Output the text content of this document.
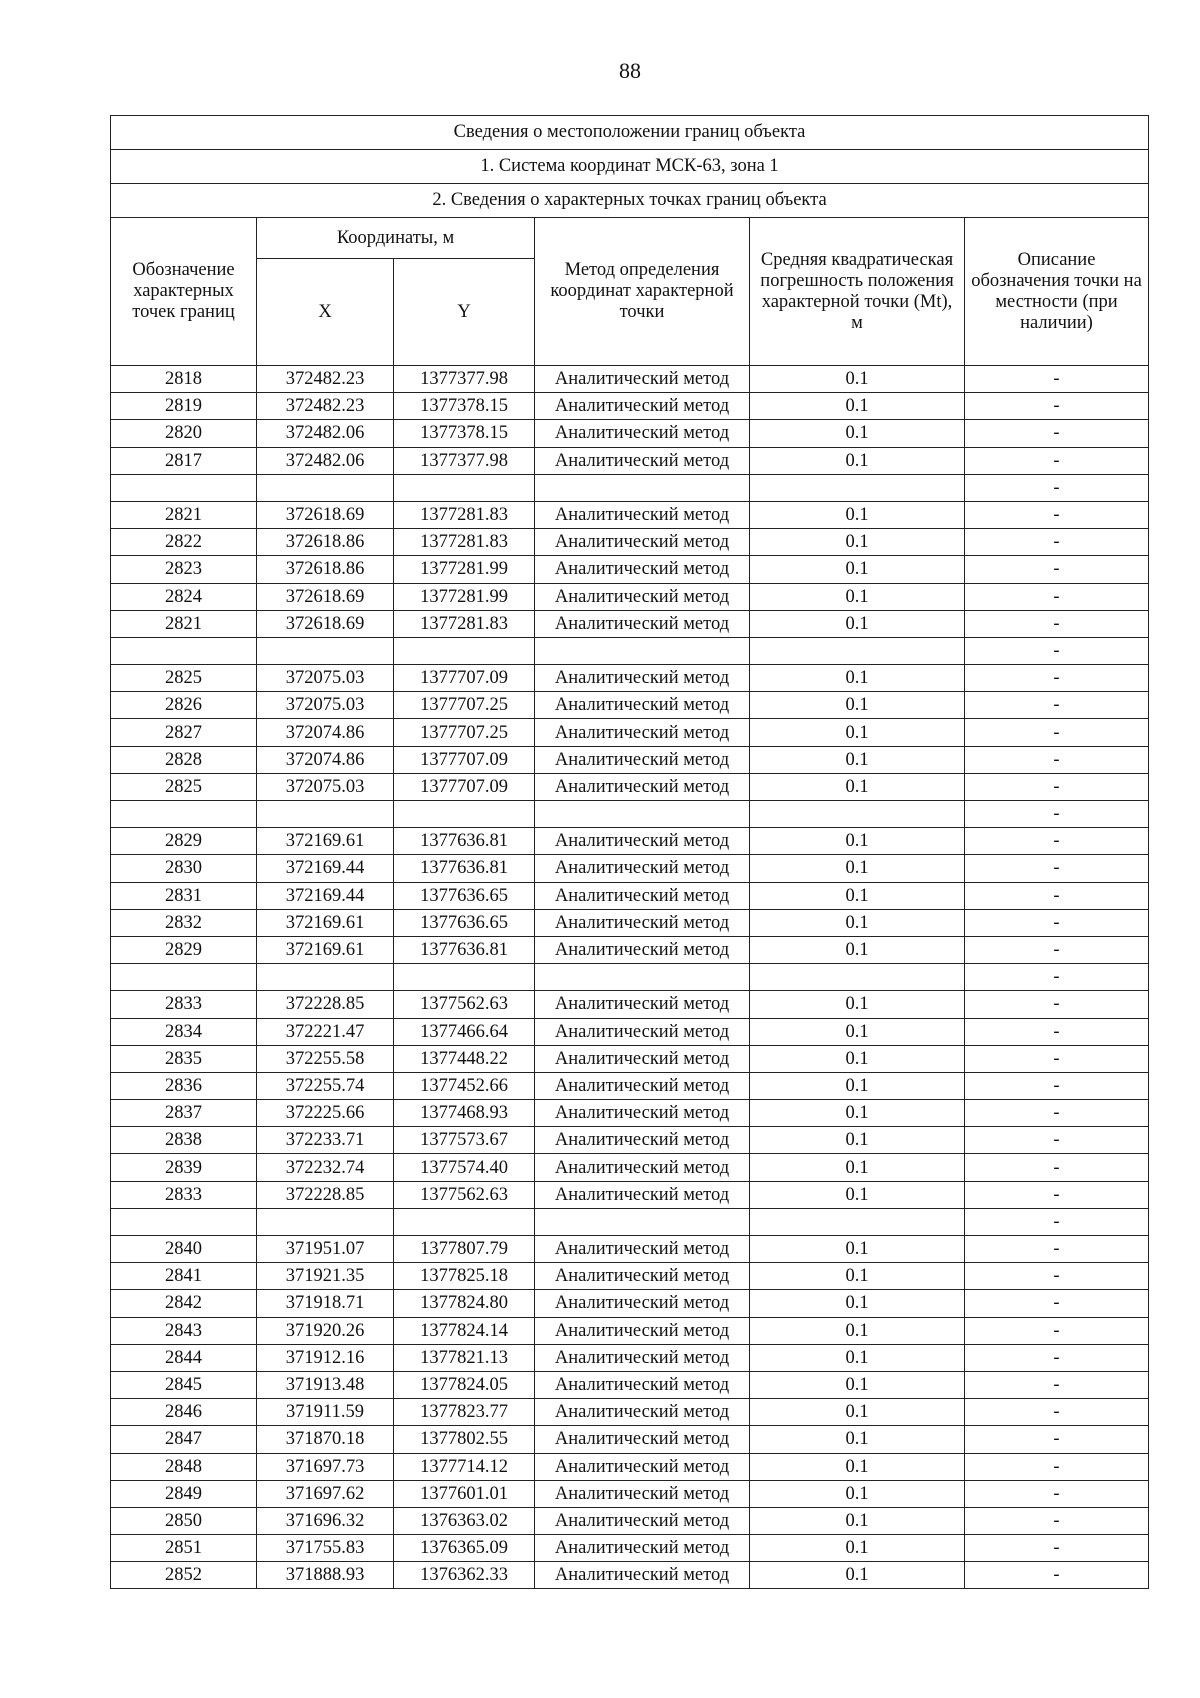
88
Сведения о местоположении границ объекта					
1. Система координат МСК-63, зона 1					
2. Сведения о характерных точках границ объекта					
Обозначение характерных точек границ	Координаты, м		Метод определения координат характерной точки	Средняя квадратическая погрешность положения характерной точки (Mt), м	Описание обозначения точки на местности (при наличии)
	X	Y			
2818	372482.23	1377377.98	Аналитический метод	0.1	-
2819	372482.23	1377378.15	Аналитический метод	0.1	-
2820	372482.06	1377378.15	Аналитический метод	0.1	-
2817	372482.06	1377377.98	Аналитический метод	0.1	-
					-
2821	372618.69	1377281.83	Аналитический метод	0.1	-
2822	372618.86	1377281.83	Аналитический метод	0.1	-
2823	372618.86	1377281.99	Аналитический метод	0.1	-
2824	372618.69	1377281.99	Аналитический метод	0.1	-
2821	372618.69	1377281.83	Аналитический метод	0.1	-
					-
2825	372075.03	1377707.09	Аналитический метод	0.1	-
2826	372075.03	1377707.25	Аналитический метод	0.1	-
2827	372074.86	1377707.25	Аналитический метод	0.1	-
2828	372074.86	1377707.09	Аналитический метод	0.1	-
2825	372075.03	1377707.09	Аналитический метод	0.1	-
					-
2829	372169.61	1377636.81	Аналитический метод	0.1	-
2830	372169.44	1377636.81	Аналитический метод	0.1	-
2831	372169.44	1377636.65	Аналитический метод	0.1	-
2832	372169.61	1377636.65	Аналитический метод	0.1	-
2829	372169.61	1377636.81	Аналитический метод	0.1	-
					-
2833	372228.85	1377562.63	Аналитический метод	0.1	-
2834	372221.47	1377466.64	Аналитический метод	0.1	-
2835	372255.58	1377448.22	Аналитический метод	0.1	-
2836	372255.74	1377452.66	Аналитический метод	0.1	-
2837	372225.66	1377468.93	Аналитический метод	0.1	-
2838	372233.71	1377573.67	Аналитический метод	0.1	-
2839	372232.74	1377574.40	Аналитический метод	0.1	-
2833	372228.85	1377562.63	Аналитический метод	0.1	-
					-
2840	371951.07	1377807.79	Аналитический метод	0.1	-
2841	371921.35	1377825.18	Аналитический метод	0.1	-
2842	371918.71	1377824.80	Аналитический метод	0.1	-
2843	371920.26	1377824.14	Аналитический метод	0.1	-
2844	371912.16	1377821.13	Аналитический метод	0.1	-
2845	371913.48	1377824.05	Аналитический метод	0.1	-
2846	371911.59	1377823.77	Аналитический метод	0.1	-
2847	371870.18	1377802.55	Аналитический метод	0.1	-
2848	371697.73	1377714.12	Аналитический метод	0.1	-
2849	371697.62	1377601.01	Аналитический метод	0.1	-
2850	371696.32	1376363.02	Аналитический метод	0.1	-
2851	371755.83	1376365.09	Аналитический метод	0.1	-
2852	371888.93	1376362.33	Аналитический метод	0.1	-
